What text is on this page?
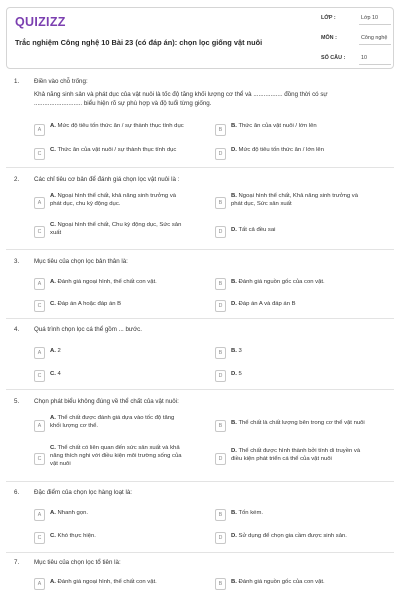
QUIZIZZ
Trắc nghiệm Công nghệ 10 Bài 23 (có đáp án): chọn lọc giống vật nuôi
LỚP :	Lớp 10
MÔN :	Công nghệ
SỐ CÂU :	10
1. Điền vào chỗ trống:
Khả năng sinh sản và phát dục của vật nuôi là tốc độ tăng khối lượng cơ thể và ................. đồng thời có sự
............................ biểu hiện rõ sự phù hợp và độ tuổi từng giống.
A
A. Mức độ tiêu tốn thức ăn / sự thành thục tính dục
B
B. Thức ăn của vật nuôi / lớn lên
C
C. Thức ăn của vật nuôi / sự thành thục tính dục
D
D. Mức độ tiêu tốn thức ăn / lớn lên
2. Các chỉ tiêu cơ bản để đánh giá chọn lọc vật nuôi là :
A
A. Ngoại hình thể chất, khả năng sinh trưởng và
phát dục, chu kỳ động dục.	B
B. Ngoại hình thể chất, Khả năng sinh trưởng và
phát dục, Sức sản xuất
C
C. Ngoại hình thể chất, Chu kỳ động dục, Sức sản
xuất	D	D. Tất cả đều sai
3. Mục tiêu của chọn lọc bản thân là:
A	A. Đánh giá ngoại hình, thể chất con vật.	B	B. Đánh giá nguồn gốc của con vật.
C	C. Đáp án A hoặc đáp án B	D	D. Đáp án A và đáp án B
4. Quá trình chọn lọc cá thể gồm ... bước.
A	A. 2	B	B. 3
C	C. 4	D	D. 5
5. Chọn phát biểu không đúng về thể chất của vật nuôi:
A
A. Thể chất được đánh giá dựa vào tốc độ tăng
khối lượng cơ thể.	B	B. Thể chất là chất lượng bên trong cơ thể vật nuôi
C
C. Thể chất có liên quan đến sức sản xuất và khả
năng thích nghi với điều kiện môi trường sống của
vật nuôi
D
D. Thể chất được hình thành bởi tính di truyền và
điều kiện phát triển cá thể của vật nuôi
6. Đặc điểm của chọn lọc hàng loạt là:
A	A. Nhanh gọn.	B	B. Tốn kém.
C	C. Khó thực hiện.	D	D. Sử dụng để chọn gia cầm được sinh sản.
7. Mục tiêu của chọn lọc tổ tiên là:
A	A. Đánh giá ngoại hình, thể chất con vật.	B	B. Đánh giá nguồn gốc của con vật.
